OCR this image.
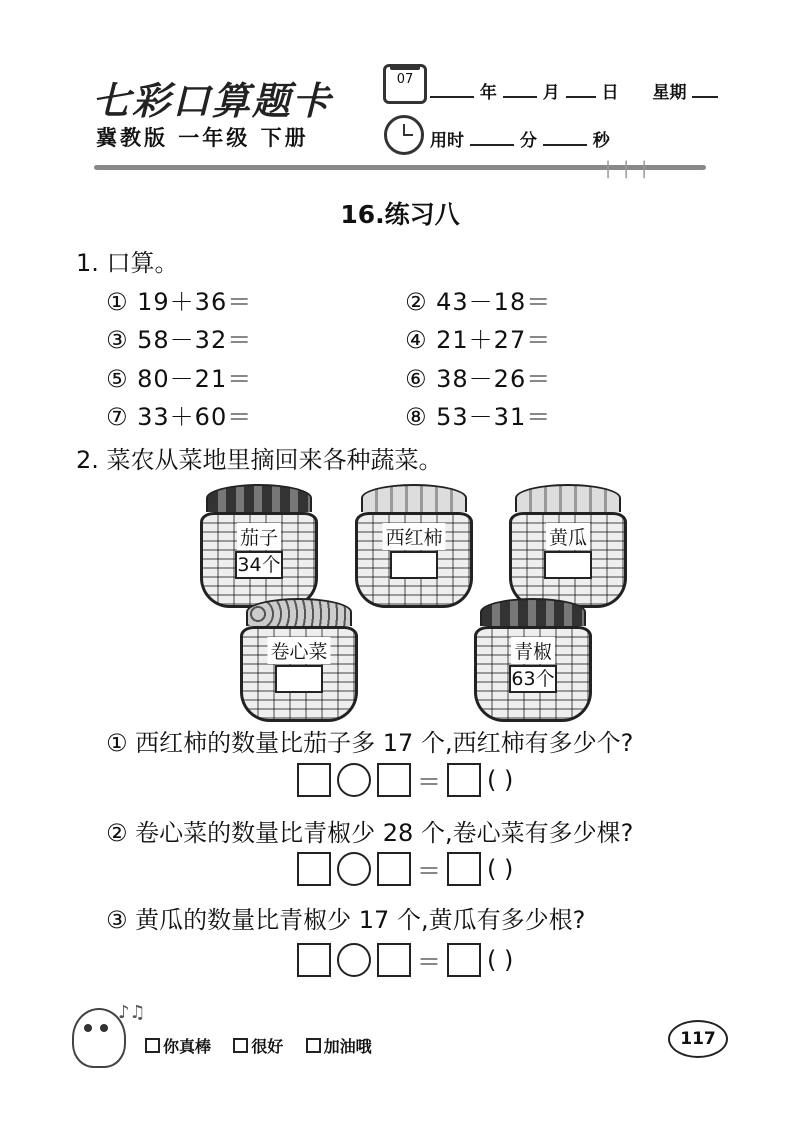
七彩口算题卡
冀教版 一年级 下册
07
年	月 日 星期
用时	分	秒
|||
16.练习八
1. 口算。
① 19＋36＝	② 43－18＝
③ 58－32＝	④ 21＋27＝
⑤ 80－21＝	⑥ 38－26＝
⑦ 33＋60＝	⑧ 53－31＝
2. 菜农从菜地里摘回来各种蔬菜。
茄子
34个
西红柿	黄瓜
卷心菜	青椒
63个
① 西红柿的数量比茄子多 17 个,西红柿有多少个?
＝ ( )
② 卷心菜的数量比青椒少 28 个,卷心菜有多少棵?
＝ ( )
③ 黄瓜的数量比青椒少 17 个,黄瓜有多少根?
＝ ( )
♪♫
你真棒	很好	加油哦	117
